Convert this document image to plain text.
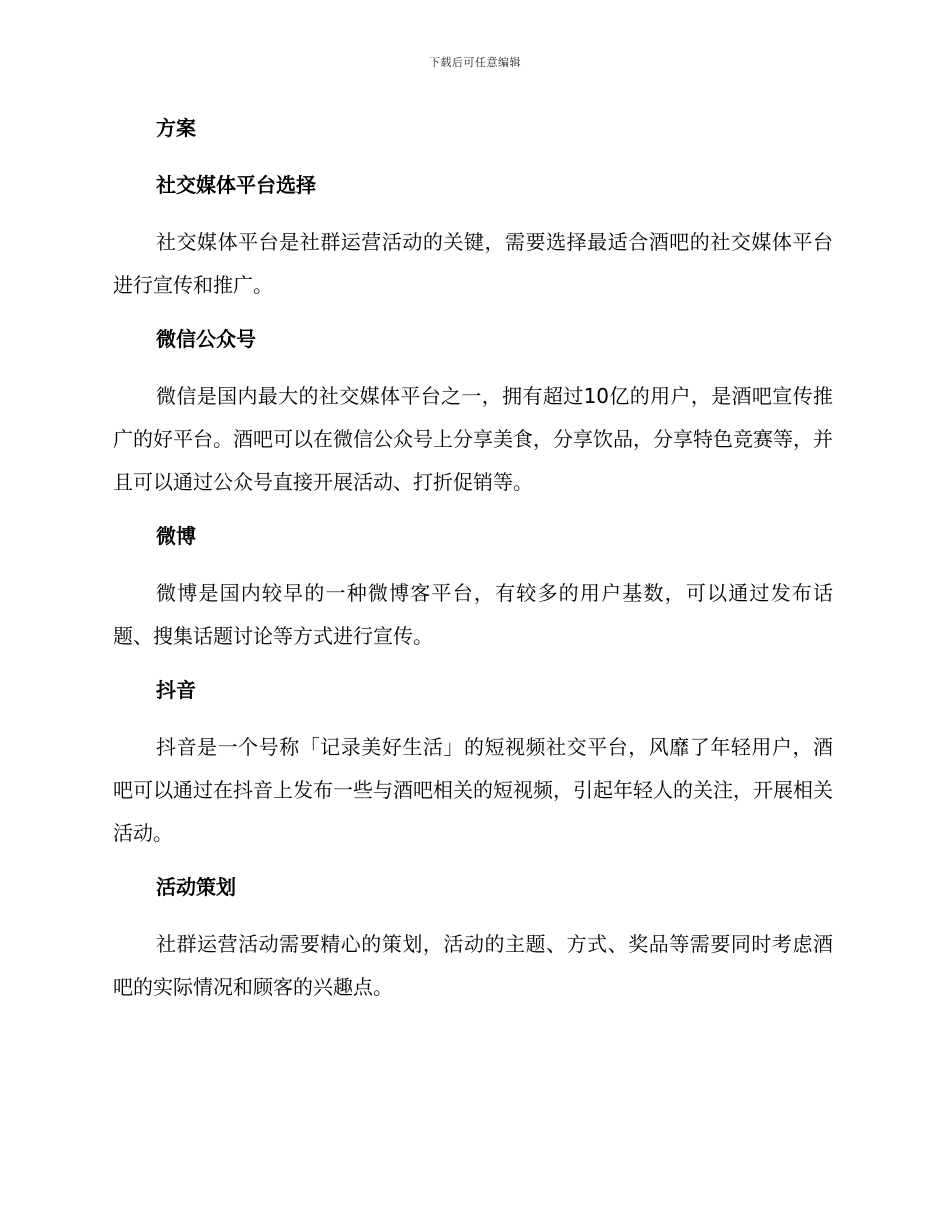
下载后可任意编辑
方案
社交媒体平台选择

社交媒体平台是社群运营活动的关键，需要选择最适合酒吧的社交媒体平台进行宣传和推广。

微信公众号

微信是国内最大的社交媒体平台之一，拥有超过10亿的用户，是酒吧宣传推广的好平台。酒吧可以在微信公众号上分享美食，分享饮品，分享特色竞赛等，并且可以通过公众号直接开展活动、打折促销等。

微博

微博是国内较早的一种微博客平台，有较多的用户基数，可以通过发布话题、搜集话题讨论等方式进行宣传。

抖音

抖音是一个号称「记录美好生活」的短视频社交平台，风靡了年轻用户，酒吧可以通过在抖音上发布一些与酒吧相关的短视频，引起年轻人的关注，开展相关活动。

活动策划

社群运营活动需要精心的策划，活动的主题、方式、奖品等需要同时考虑酒吧的实际情况和顾客的兴趣点。
